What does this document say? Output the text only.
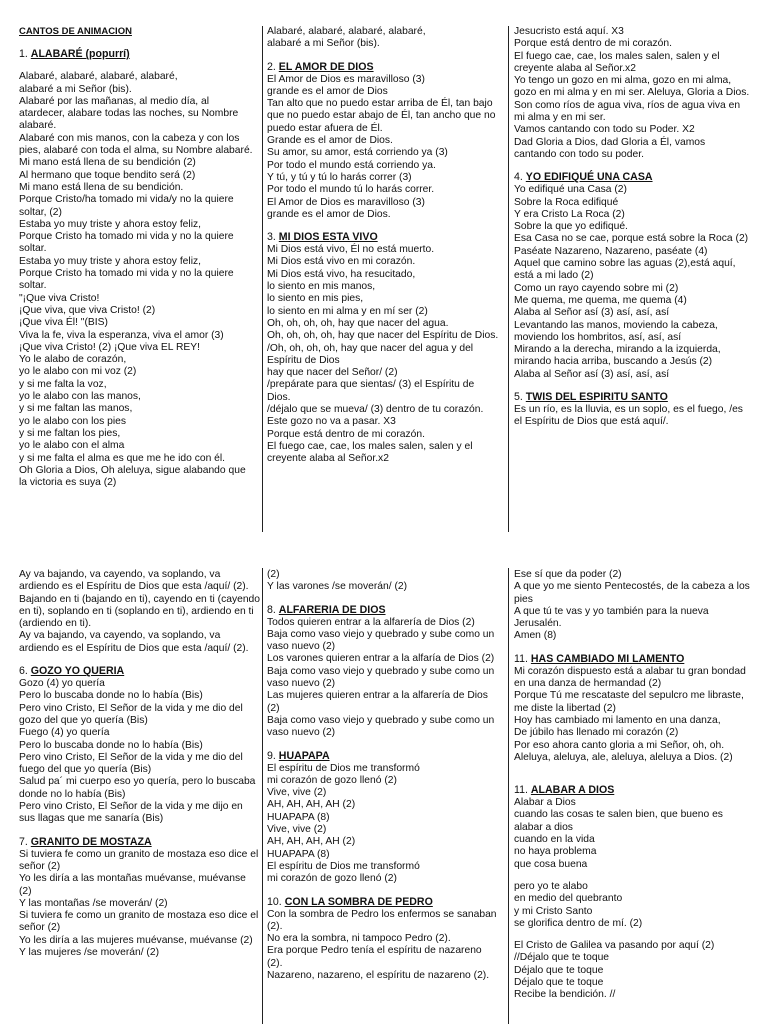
CANTOS DE ANIMACION

1. ALABARÉ (popurrí)

Alabaré, alabaré, alabaré, alabaré,

alabaré a mi Señor (bis).

Alabaré por las mañanas, al medio día, al atardecer, alabare todas las noches, su Nombre alabaré.

Alabaré con mis manos, con la cabeza y con los pies, alabaré con toda el alma, su Nombre alabaré.

Mi mano está llena de su bendición (2)

Al hermano que toque bendito será (2)

Mi mano está llena de su bendición.

Porque Cristo/ha tomado mi vida/y no la quiere soltar, (2)

Estaba yo muy triste y ahora estoy feliz,

Porque Cristo ha tomado mi vida y no la quiere soltar.

Estaba yo muy triste y ahora estoy feliz,

Porque Cristo ha tomado mi vida y no la quiere soltar.

"¡Que viva Cristo!

¡Que viva, que viva Cristo! (2)

¡Que viva Él! "(BIS)

Viva la fe, viva la esperanza, viva el amor (3)

¡Que viva Cristo! (2) ¡Que viva EL REY!

Yo le alabo de corazón,

yo le alabo con mi voz (2)

y si me falta la voz,

yo le alabo con las manos,

y si me faltan las manos,

yo le alabo con los pies

y si me faltan los pies,

yo le alabo con el alma

y si me falta el alma es que me he ido con él.

Oh Gloria a Dios, Oh aleluya, sigue alabando que la victoria es suya (2)

Alabaré, alabaré, alabaré, alabaré,

alabaré a mi Señor (bis).

2. EL AMOR DE DIOS

El Amor de Dios es maravilloso (3)

grande es el amor de Dios

Tan alto que no puedo estar arriba de Él, tan bajo que no puedo estar abajo de Él, tan ancho que no puedo estar afuera de Él.

Grande es el amor de Dios.

Su amor, su amor, está corriendo ya (3)

Por todo el mundo está corriendo ya.

Y tú, y tú y tú lo harás correr (3)

Por todo el mundo tú lo harás correr.

El Amor de Dios es maravilloso (3)

grande es el amor de Dios.

3. MI DIOS ESTA VIVO

Mi Dios está vivo, Él no está muerto.

Mi Dios está vivo en mi corazón.

Mi Dios está vivo, ha resucitado,

lo siento en mis manos,

lo siento en mis pies,

lo siento en mi alma y en mí ser (2)

Oh, oh, oh, oh, hay que nacer del agua.

Oh, oh, oh, oh, hay que nacer del Espíritu de Dios.

/Oh, oh, oh, oh, hay que nacer del agua y del Espíritu de Dios

hay que nacer del Señor/ (2)

/prepárate para que sientas/ (3) el Espíritu de Dios.

/déjalo que se mueva/ (3) dentro de tu corazón.

Este gozo no va a pasar. X3

Porque está dentro de mi corazón.

El fuego cae, cae, los males salen, salen y el creyente alaba al Señor.x2

Jesucristo está aquí. X3

Porque está dentro de mi corazón.

El fuego cae, cae, los males salen, salen y el creyente alaba al Señor.x2

Yo tengo un gozo en mi alma, gozo en mi alma, gozo en mi alma y en mi ser. Aleluya, Gloria a Dios.

Son como ríos de agua viva, ríos de agua viva en mi alma y en mi ser.

Vamos cantando con todo su Poder. X2

Dad Gloria a Dios, dad Gloria a Él, vamos cantando con todo su poder.

4. YO EDIFIQUÉ UNA CASA

Yo edifiqué una Casa (2)

Sobre la Roca edifiqué

Y era Cristo La Roca (2)

Sobre la que yo edifiqué.

Esa Casa no se cae, porque está sobre la Roca (2)

Paséate Nazareno, Nazareno, paséate (4)

Aquel que camino sobre las aguas (2),está aquí, está a mi lado (2)

Como un rayo cayendo sobre mi (2)

Me quema, me quema, me quema (4)

Alaba al Señor así (3) así, así, así

Levantando las manos, moviendo la cabeza, moviendo los hombritos, así, así, así

Mirando a la derecha, mirando a la izquierda, mirando hacia arriba, buscando a Jesús (2)

Alaba al Señor así (3) así, así, así

5. TWIS DEL ESPIRITU SANTO

Es un río, es la lluvia, es un soplo, es el fuego, /es el Espíritu de Dios que está aquí/.

Ay va bajando, va cayendo, va soplando, va ardiendo es el Espíritu de Dios que esta /aquí/ (2).

Bajando en ti (bajando en ti), cayendo en ti (cayendo en ti), soplando en ti (soplando en ti), ardiendo en ti (ardiendo en ti).

Ay va bajando, va cayendo, va soplando, va ardiendo es el Espíritu de Dios que esta /aquí/ (2).

6. GOZO YO QUERIA

Gozo (4) yo quería

Pero lo buscaba donde no lo había (Bis)

Pero vino Cristo, El Señor de la vida y me dio del gozo del que yo quería (Bis)

Fuego (4) yo quería

Pero lo buscaba donde no lo había (Bis)

Pero vino Cristo, El Señor de la vida y me dio del fuego del que yo quería (Bis)

Salud pa´ mi cuerpo eso yo quería, pero lo buscaba donde no lo había (Bis)

Pero vino Cristo, El Señor de la vida y me dijo en sus llagas que me sanaría (Bis)

7. GRANITO DE MOSTAZA

Si tuviera fe como un granito de mostaza eso dice el señor (2)

Yo les diría a las montañas muévanse, muévanse (2)

Y las montañas /se moverán/ (2)

Si tuviera fe como un granito de mostaza eso dice el señor (2)

Yo les diría a las mujeres muévanse, muévanse (2)

Y las mujeres /se moverán/ (2)

(2)

Y las varones /se moverán/ (2)

8. ALFARERIA DE DIOS

Todos quieren entrar a la alfarería de Dios (2)

Baja como vaso viejo y quebrado y sube como un vaso nuevo (2)

Los varones quieren entrar a la alfaría de Dios (2)

Baja como vaso viejo y quebrado y sube como un vaso nuevo (2)

Las mujeres quieren entrar a la alfarería de Dios (2)

Baja como vaso viejo y quebrado y sube como un vaso nuevo (2)

9. HUAPAPA

El espíritu de Dios me transformó

mi corazón de gozo llenó (2)

Vive, vive (2)

AH, AH, AH, AH (2)

HUAPAPA (8)

Vive, vive (2)

AH, AH, AH, AH (2)

HUAPAPA (8)

El espíritu de Dios me transformó

mi corazón de gozo llenó (2)

10. CON LA SOMBRA DE PEDRO

Con la sombra de Pedro los enfermos se sanaban (2).

No era la sombra, ni tampoco Pedro (2).

Era porque Pedro tenía el espíritu de nazareno (2).

Nazareno, nazareno, el espíritu de nazareno (2).

Ese sí que da poder (2)

A que yo me siento Pentecostés, de la cabeza a los pies

A que tú te vas y yo también para la nueva Jerusalén.

Amen (8)

11. HAS CAMBIADO MI LAMENTO

Mi corazón dispuesto está a alabar tu gran bondad en una danza de hermandad (2)

Porque Tú me rescataste del sepulcro me libraste, me diste la libertad (2)

Hoy has cambiado mi lamento en una danza,

De júbilo has llenado mi corazón (2)

Por eso ahora canto gloria a mi Señor, oh, oh.

Aleluya, aleluya, ale, aleluya, aleluya a Dios. (2)

11. ALABAR A DIOS

Alabar a Dios

cuando las cosas te salen bien, que bueno es alabar a dios

cuando en la vida

no haya problema

que cosa buena

pero yo te alabo

en medio del quebranto

y mi Cristo Santo

se glorifica dentro de mí. (2)

El Cristo de Galilea va pasando por aquí (2)

//Déjalo que te toque

Déjalo que te toque

Déjalo que te toque

Recibe la bendición. //
